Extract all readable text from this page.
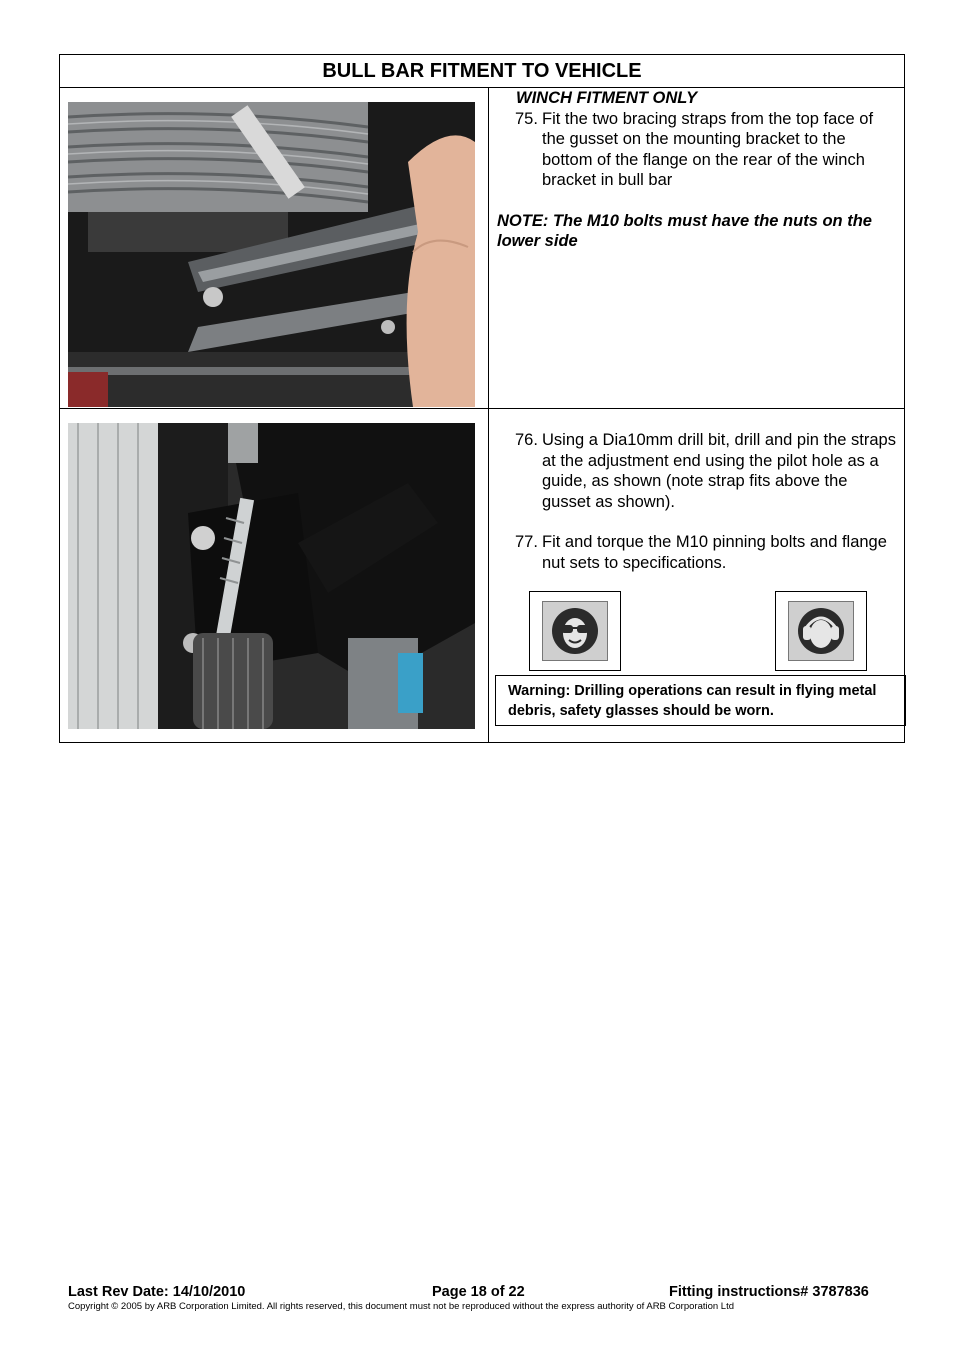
BULL BAR FITMENT TO VEHICLE
WINCH FITMENT ONLY
75. Fit the two bracing straps from the top face of the gusset on the mounting bracket to the bottom of the flange on the rear of the winch bracket in bull bar
NOTE: The M10 bolts must have the nuts on the lower side
76. Using a Dia10mm drill bit, drill and pin the straps at the adjustment end using the pilot hole as a guide, as shown (note strap fits above the gusset as shown).
77. Fit and torque the M10 pinning bolts and flange nut sets to specifications.
Warning: Drilling operations can result in flying metal debris, safety glasses should be worn.
Last Rev Date: 14/10/2010	Page 18 of 22	Fitting instructions# 3787836
Copyright © 2005 by ARB Corporation Limited. All rights reserved, this document must not be reproduced without the express authority of ARB Corporation Ltd
